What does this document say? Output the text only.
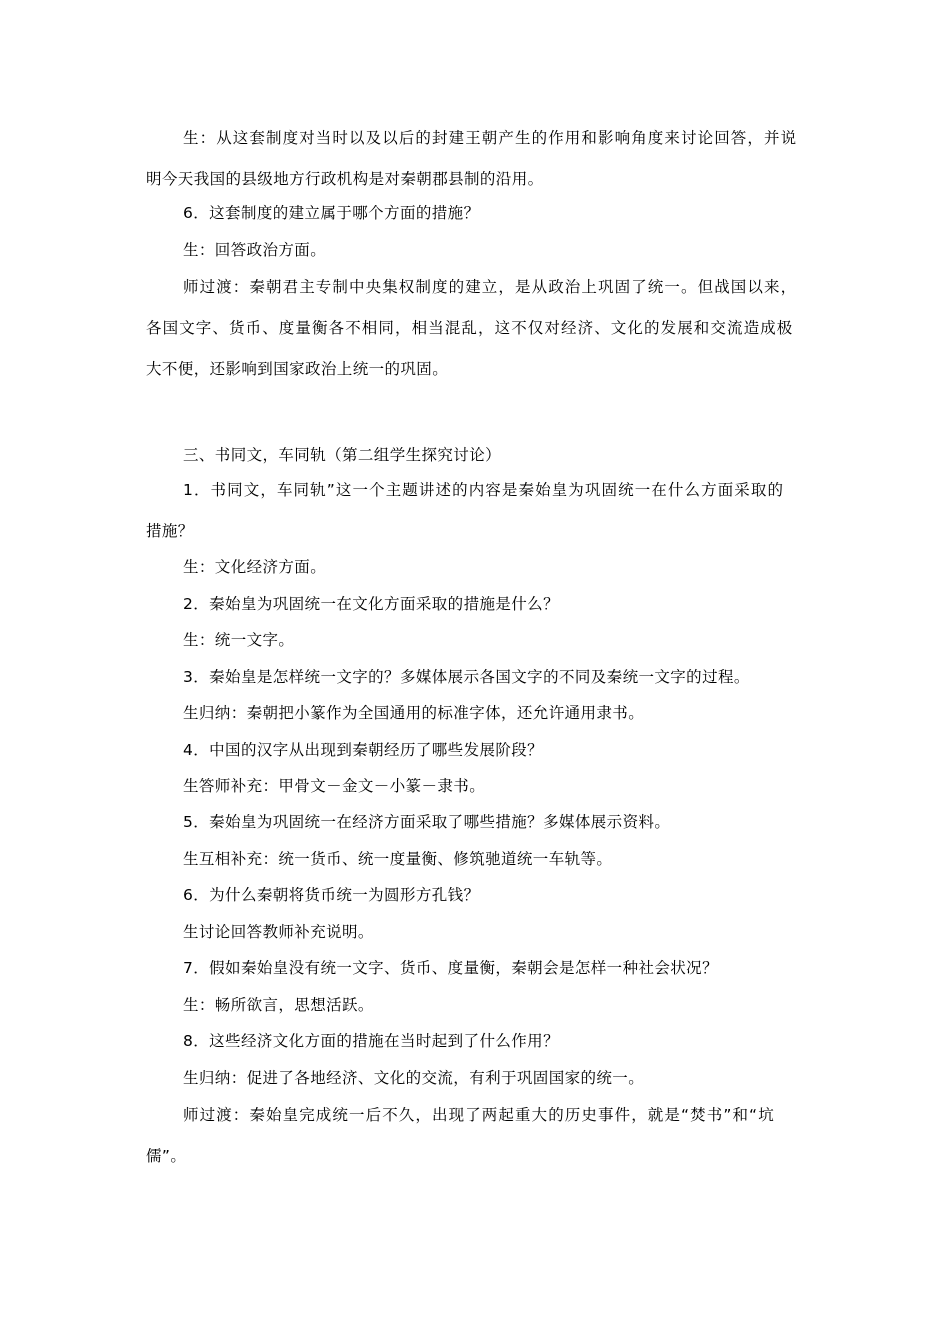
生：从这套制度对当时以及以后的封建王朝产生的作用和影响角度来讨论回答，并说
明今天我国的县级地方行政机构是对秦朝郡县制的沿用。
6．这套制度的建立属于哪个方面的措施？
生：回答政治方面。
师过渡：秦朝君主专制中央集权制度的建立，是从政治上巩固了统一。但战国以来，
各国文字、货币、度量衡各不相同，相当混乱，这不仅对经济、文化的发展和交流造成极
大不便，还影响到国家政治上统一的巩固。
三、书同文，车同轨（第二组学生探究讨论）
1．书同文，车同轨”这一个主题讲述的内容是秦始皇为巩固统一在什么方面采取的
措施？
生：文化经济方面。
2．秦始皇为巩固统一在文化方面采取的措施是什么？
生：统一文字。
3．秦始皇是怎样统一文字的？多媒体展示各国文字的不同及秦统一文字的过程。
生归纳：秦朝把小篆作为全国通用的标准字体，还允许通用隶书。
4．中国的汉字从出现到秦朝经历了哪些发展阶段？
生答师补充：甲骨文－金文－小篆－隶书。
5．秦始皇为巩固统一在经济方面采取了哪些措施？多媒体展示资料。
生互相补充：统一货币、统一度量衡、修筑驰道统一车轨等。
6．为什么秦朝将货币统一为圆形方孔钱？
生讨论回答教师补充说明。
7．假如秦始皇没有统一文字、货币、度量衡，秦朝会是怎样一种社会状况？
生：畅所欲言，思想活跃。
8．这些经济文化方面的措施在当时起到了什么作用？
生归纳：促进了各地经济、文化的交流，有利于巩固国家的统一。
师过渡：秦始皇完成统一后不久，出现了两起重大的历史事件，就是“焚书”和“坑
儒”。
